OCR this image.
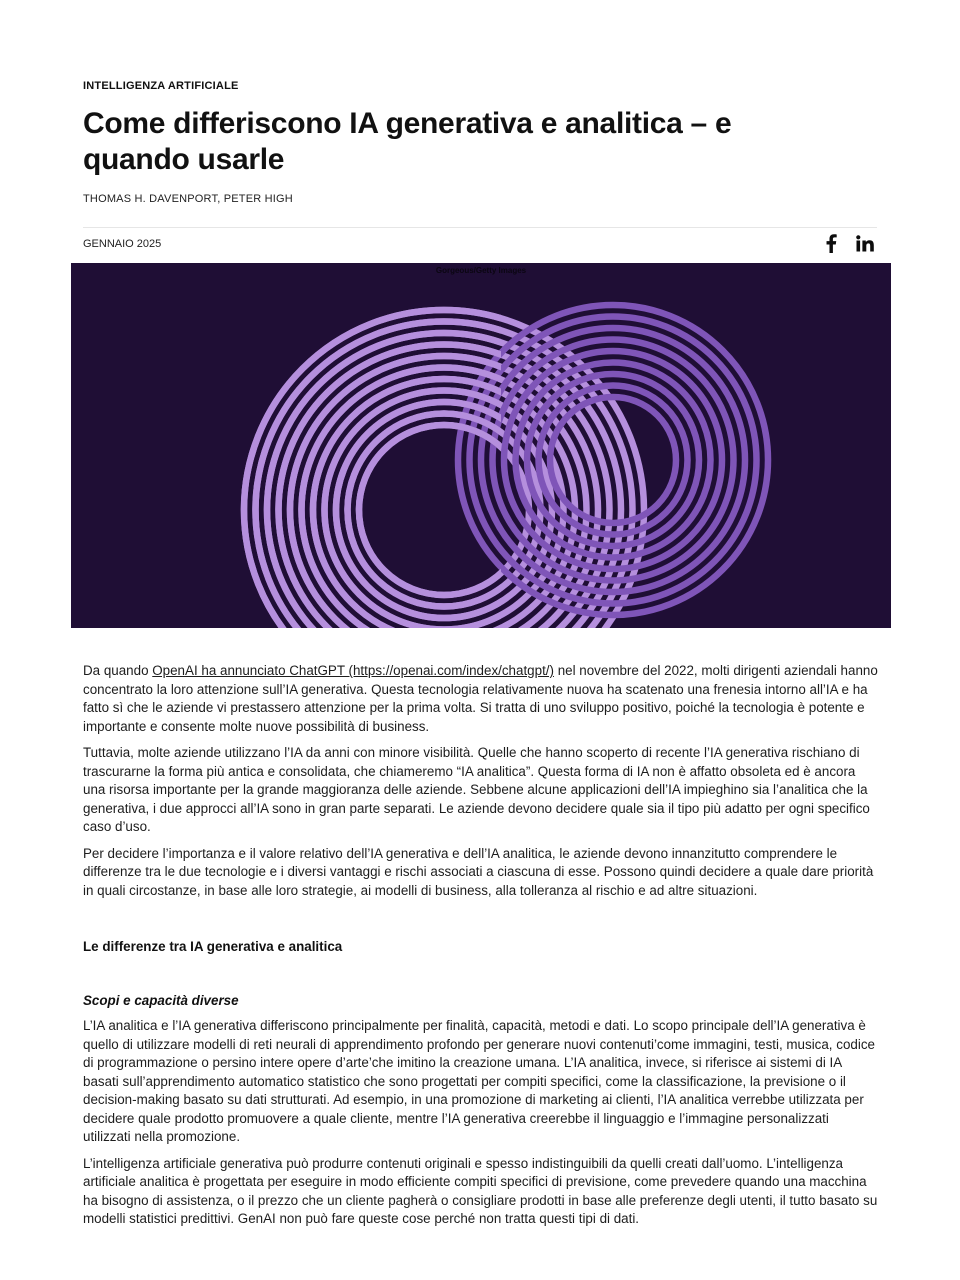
INTELLIGENZA ARTIFICIALE
Come differiscono IA generativa e analitica – e quando usarle
THOMAS H. DAVENPORT, PETER HIGH
GENNAIO 2025
Gorgeous/Getty Images

Da quando OpenAI ha annunciato ChatGPT (https://openai.com/index/chatgpt/) nel novembre del 2022, molti dirigenti aziendali hanno concentrato la loro attenzione sull’IA generativa. Questa tecnologia relativamente nuova ha scatenato una frenesia intorno all’IA e ha fatto sì che le aziende vi prestassero attenzione per la prima volta. Si tratta di uno sviluppo positivo, poiché la tecnologia è potente e importante e consente molte nuove possibilità di business.

Tuttavia, molte aziende utilizzano l’IA da anni con minore visibilità. Quelle che hanno scoperto di recente l’IA generativa rischiano di trascurarne la forma più antica e consolidata, che chiameremo “IA analitica”. Questa forma di IA non è affatto obsoleta ed è ancora una risorsa importante per la grande maggioranza delle aziende. Sebbene alcune applicazioni dell’IA impieghino sia l’analitica che la generativa, i due approcci all’IA sono in gran parte separati. Le aziende devono decidere quale sia il tipo più adatto per ogni specifico caso d’uso.

Per decidere l’importanza e il valore relativo dell’IA generativa e dell’IA analitica, le aziende devono innanzitutto comprendere le differenze tra le due tecnologie e i diversi vantaggi e rischi associati a ciascuna di esse. Possono quindi decidere a quale dare priorità in quali circostanze, in base alle loro strategie, ai modelli di business, alla tolleranza al rischio e ad altre situazioni.

Le differenze tra IA generativa e analitica
Scopi e capacità diverse

L’IA analitica e l’IA generativa differiscono principalmente per finalità, capacità, metodi e dati. Lo scopo principale dell’IA generativa è quello di utilizzare modelli di reti neurali di apprendimento profondo per generare nuovi contenuti’come immagini, testi, musica, codice di programmazione o persino intere opere d’arte’che imitino la creazione umana. L’IA analitica, invece, si riferisce ai sistemi di IA basati sull’apprendimento automatico statistico che sono progettati per compiti specifici, come la classificazione, la previsione o il decision-making basato su dati strutturati. Ad esempio, in una promozione di marketing ai clienti, l’IA analitica verrebbe utilizzata per decidere quale prodotto promuovere a quale cliente, mentre l’IA generativa creerebbe il linguaggio e l’immagine personalizzati utilizzati nella promozione.

L’intelligenza artificiale generativa può produrre contenuti originali e spesso indistinguibili da quelli creati dall’uomo. L’intelligenza artificiale analitica è progettata per eseguire in modo efficiente compiti specifici di previsione, come prevedere quando una macchina ha bisogno di assistenza, o il prezzo che un cliente pagherà o consigliare prodotti in base alle preferenze degli utenti, il tutto basato su modelli statistici predittivi. GenAI non può fare queste cose perché non tratta questi tipi di dati.
